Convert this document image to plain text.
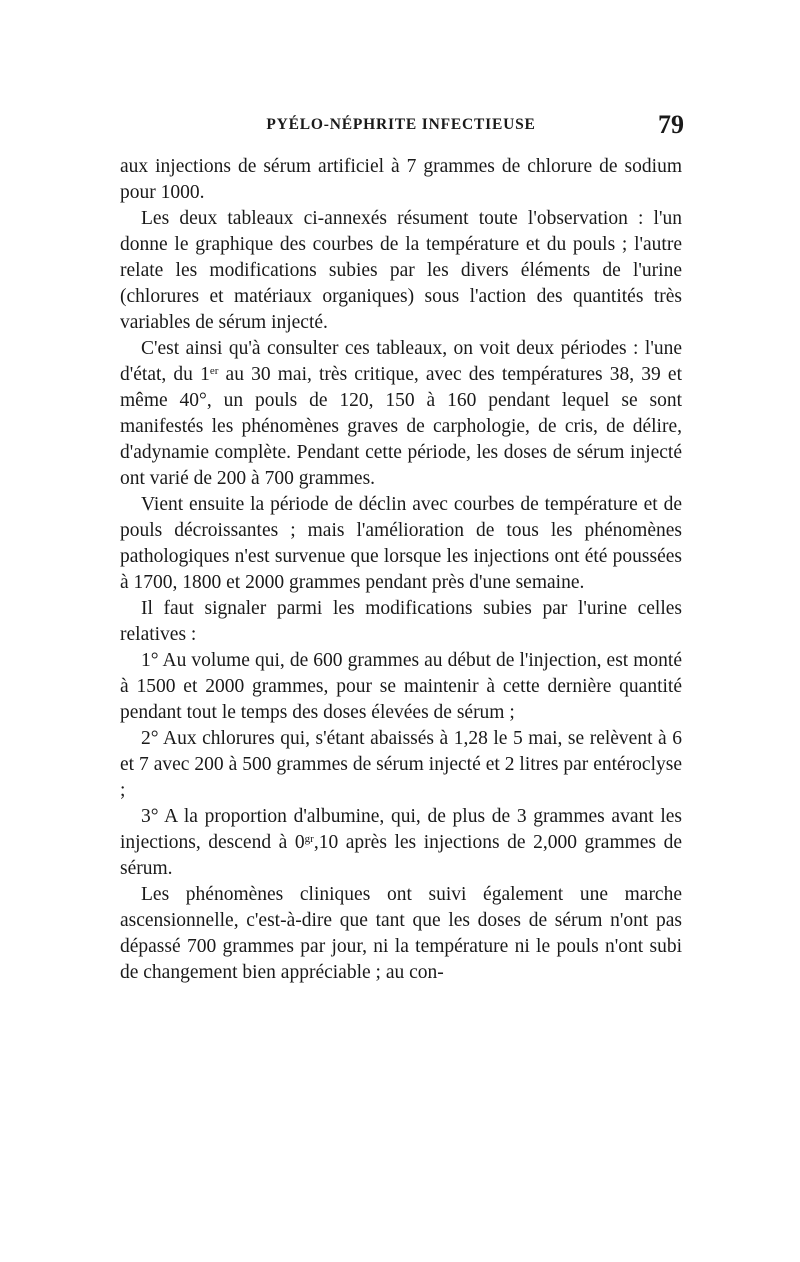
PYÉLO-NÉPHRITE INFECTIEUSE	79

aux injections de sérum artificiel à 7 grammes de chlorure de sodium pour 1000.

Les deux tableaux ci-annexés résument toute l'observation : l'un donne le graphique des courbes de la température et du pouls ; l'autre relate les modifications subies par les divers éléments de l'urine (chlorures et matériaux organiques) sous l'action des quantités très variables de sérum injecté.

C'est ainsi qu'à consulter ces tableaux, on voit deux périodes : l'une d'état, du 1er au 30 mai, très critique, avec des températures 38, 39 et même 40°, un pouls de 120, 150 à 160 pendant lequel se sont manifestés les phénomènes graves de carphologie, de cris, de délire, d'adynamie complète. Pendant cette période, les doses de sérum injecté ont varié de 200 à 700 grammes.

Vient ensuite la période de déclin avec courbes de température et de pouls décroissantes ; mais l'amélioration de tous les phénomènes pathologiques n'est survenue que lorsque les injections ont été poussées à 1700, 1800 et 2000 grammes pendant près d'une semaine.

Il faut signaler parmi les modifications subies par l'urine celles relatives :

1° Au volume qui, de 600 grammes au début de l'injection, est monté à 1500 et 2000 grammes, pour se maintenir à cette dernière quantité pendant tout le temps des doses élevées de sérum ;

2° Aux chlorures qui, s'étant abaissés à 1,28 le 5 mai, se relèvent à 6 et 7 avec 200 à 500 grammes de sérum injecté et 2 litres par entéroclyse ;

3° A la proportion d'albumine, qui, de plus de 3 grammes avant les injections, descend à $0^{gr},10$ après les injections de 2,000 grammes de sérum.

Les phénomènes cliniques ont suivi également une marche ascensionnelle, c'est-à-dire que tant que les doses de sérum n'ont pas dépassé 700 grammes par jour, ni la température ni le pouls n'ont subi de changement bien appréciable ; au con-
